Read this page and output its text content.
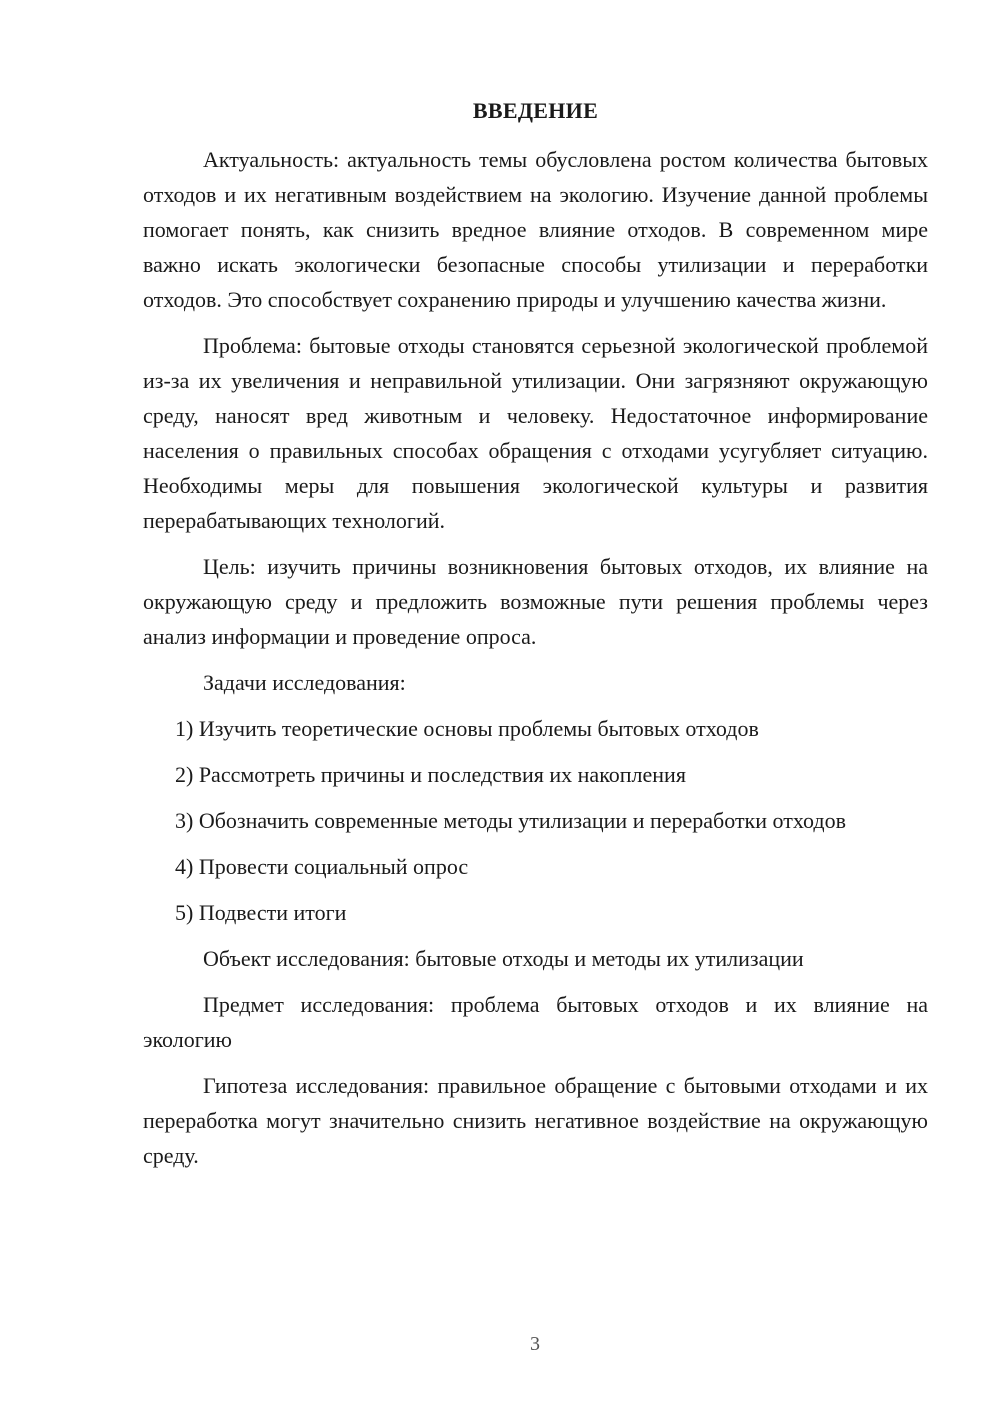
ВВЕДЕНИЕ

Актуальность: актуальность темы обусловлена ростом количества бытовых отходов и их негативным воздействием на экологию. Изучение данной проблемы помогает понять, как снизить вредное влияние отходов. В современном мире важно искать экологически безопасные способы утилизации и переработки отходов. Это способствует сохранению природы и улучшению качества жизни.

Проблема: бытовые отходы становятся серьезной экологической проблемой из-за их увеличения и неправильной утилизации. Они загрязняют окружающую среду, наносят вред животным и человеку. Недостаточное информирование населения о правильных способах обращения с отходами усугубляет ситуацию. Необходимы меры для повышения экологической культуры и развития перерабатывающих технологий.

Цель: изучить причины возникновения бытовых отходов, их влияние на окружающую среду и предложить возможные пути решения проблемы через анализ информации и проведение опроса.

Задачи исследования:

1) Изучить теоретические основы проблемы бытовых отходов

2) Рассмотреть причины и последствия их накопления

3) Обозначить современные методы утилизации и переработки отходов

4) Провести социальный опрос

5) Подвести итоги

Объект исследования: бытовые отходы и методы их утилизации

Предмет исследования: проблема бытовых отходов и их влияние на экологию

Гипотеза исследования: правильное обращение с бытовыми отходами и их переработка могут значительно снизить негативное воздействие на окружающую среду.

3
